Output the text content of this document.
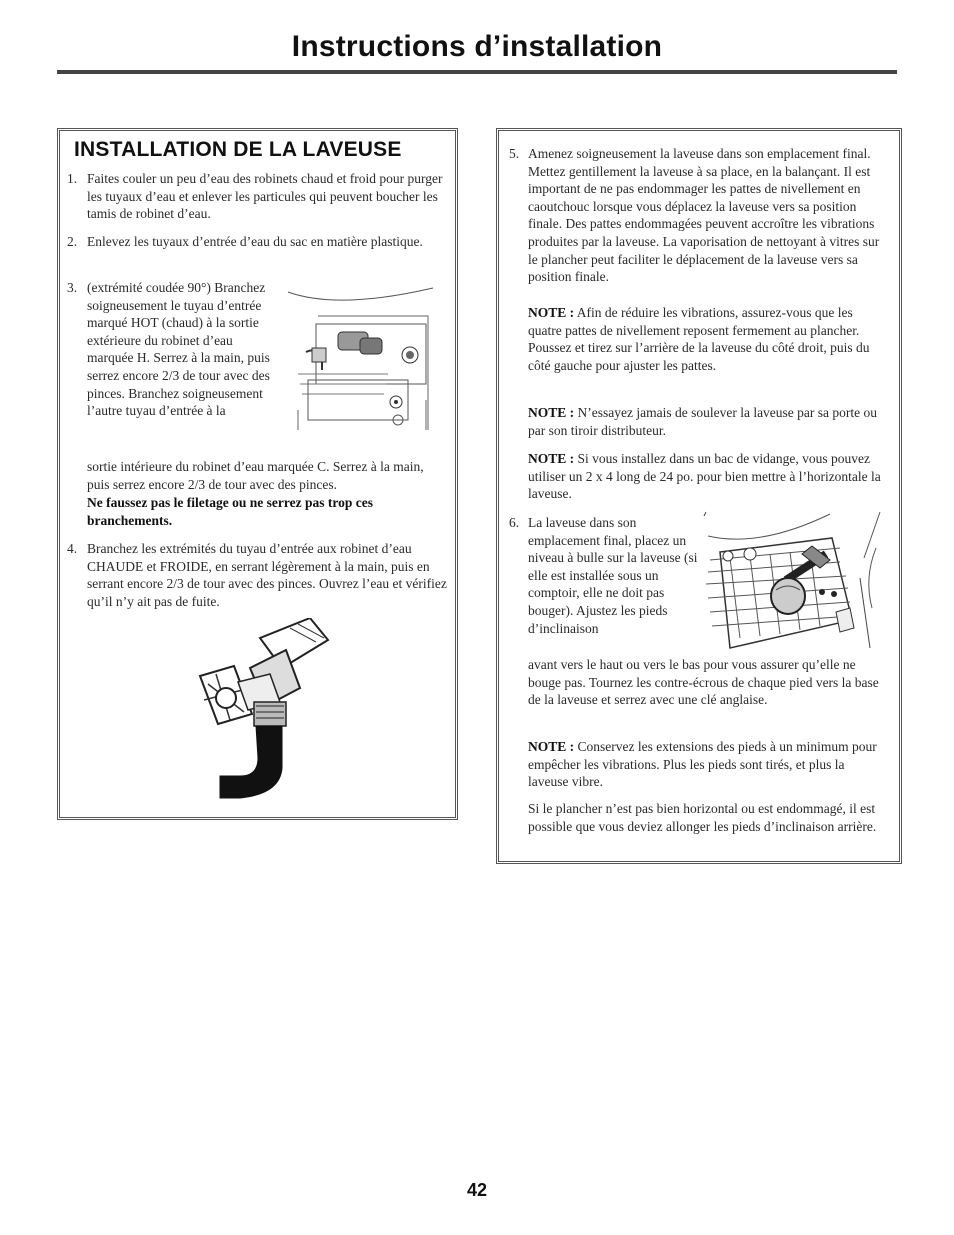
Instructions d’installation
INSTALLATION DE LA LAVEUSE
1. Faites couler un peu d’eau des robinets chaud et froid pour purger les tuyaux d’eau et enlever les particules qui peuvent boucher les tamis de robinet d’eau.
2. Enlevez les tuyaux d’entrée d’eau du sac en matière plastique.
3. (extrémité coudée 90°) Branchez soigneusement le tuyau d’entrée marqué HOT (chaud) à la sortie extérieure du robinet d’eau marquée H. Serrez à la main, puis serrez encore 2/3 de tour avec des pinces. Branchez soigneusement l’autre tuyau d’entrée à la
sortie intérieure du robinet d’eau marquée C. Serrez à la main, puis serrez encore 2/3 de tour avec des pinces.
Ne faussez pas le filetage ou ne serrez pas trop ces branchements.
4. Branchez les extrémités du tuyau d’entrée aux robinet d’eau CHAUDE et FROIDE, en serrant légèrement à la main, puis en serrant encore 2/3 de tour avec des pinces. Ouvrez l’eau et vérifiez qu’il n’y ait pas de fuite.
5. Amenez soigneusement la laveuse dans son emplacement final. Mettez gentillement la laveuse à sa place, en la balançant. Il est important de ne pas endommager les pattes de nivellement en caoutchouc lorsque vous déplacez la laveuse vers sa position finale. Des pattes endommagées peuvent accroître les vibrations produites par la laveuse. La vaporisation de nettoyant à vitres sur le plancher peut faciliter le déplacement de la laveuse vers sa position finale.
NOTE : Afin de réduire les vibrations, assurez-vous que les quatre pattes de nivellement reposent fermement au plancher. Poussez et tirez sur l’arrière de la laveuse du côté droit, puis du côté gauche pour ajuster les pattes.
NOTE : N’essayez jamais de soulever la laveuse par sa porte ou par son tiroir distributeur.
NOTE : Si vous installez dans un bac de vidange, vous pouvez utiliser un 2 x 4 long de 24 po. pour bien mettre à l’horizontale la laveuse.
6. La laveuse dans son emplacement final, placez un niveau à bulle sur la laveuse (si elle est installée sous un comptoir, elle ne doit pas bouger). Ajustez les pieds d’inclinaison
avant vers le haut ou vers le bas pour vous assurer qu’elle ne bouge pas. Tournez les contre-écrous de chaque pied vers la base de la laveuse et serrez avec une clé anglaise.
NOTE : Conservez les extensions des pieds à un minimum pour empêcher les vibrations. Plus les pieds sont tirés, et plus la laveuse vibre.
Si le plancher n’est pas bien horizontal ou est endommagé, il est possible que vous deviez allonger les pieds d’inclinaison arrière.
42
